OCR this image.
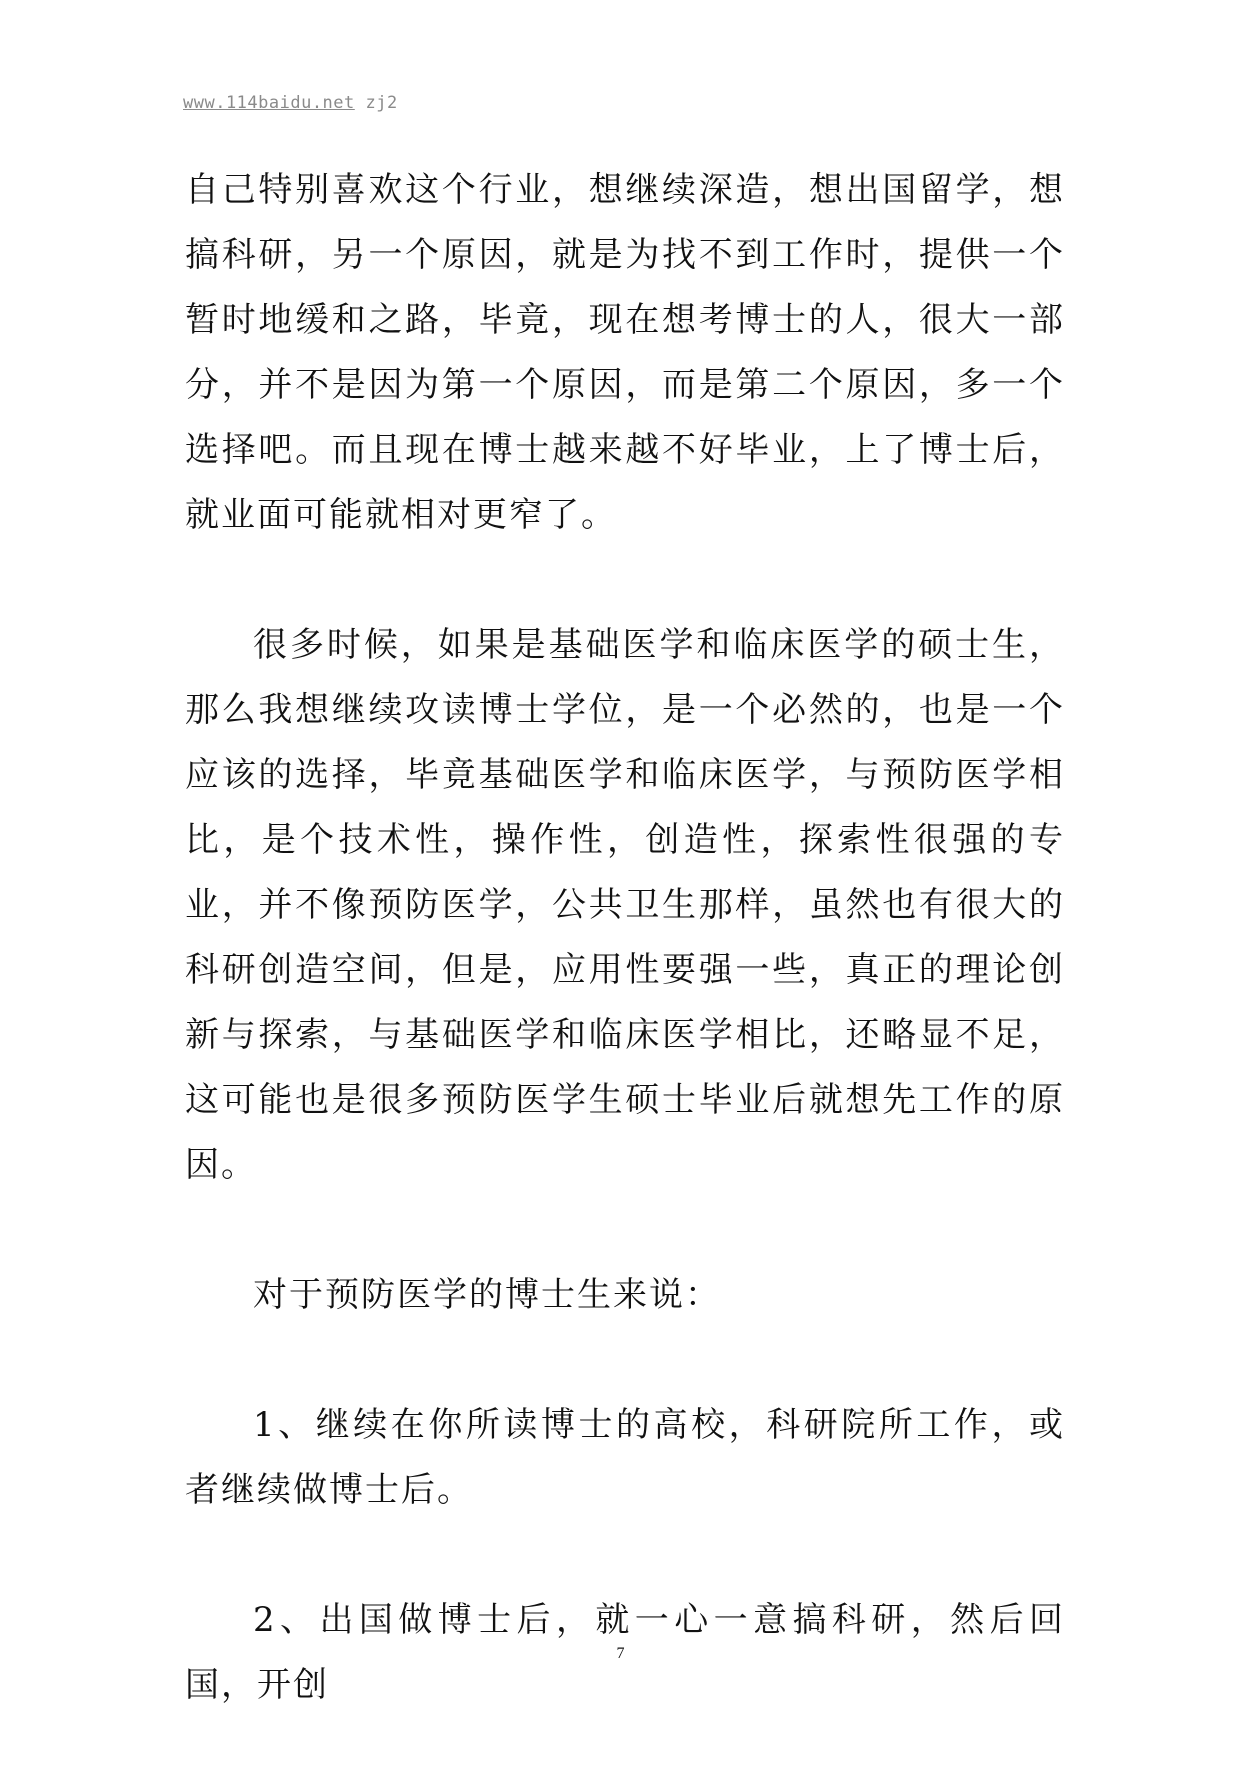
www.114baidu.net zj2

自己特别喜欢这个行业，想继续深造，想出国留学，想搞科研，另一个原因，就是为找不到工作时，提供一个暂时地缓和之路，毕竟，现在想考博士的人，很大一部分，并不是因为第一个原因，而是第二个原因，多一个选择吧。而且现在博士越来越不好毕业，上了博士后，就业面可能就相对更窄了。

很多时候，如果是基础医学和临床医学的硕士生，那么我想继续攻读博士学位，是一个必然的，也是一个应该的选择，毕竟基础医学和临床医学，与预防医学相比，是个技术性，操作性，创造性，探索性很强的专业，并不像预防医学，公共卫生那样，虽然也有很大的科研创造空间，但是，应用性要强一些，真正的理论创新与探索，与基础医学和临床医学相比，还略显不足，这可能也是很多预防医学生硕士毕业后就想先工作的原因。

对于预防医学的博士生来说：

1、继续在你所读博士的高校，科研院所工作，或者继续做博士后。

2、出国做博士后，就一心一意搞科研，然后回国，开创

7
